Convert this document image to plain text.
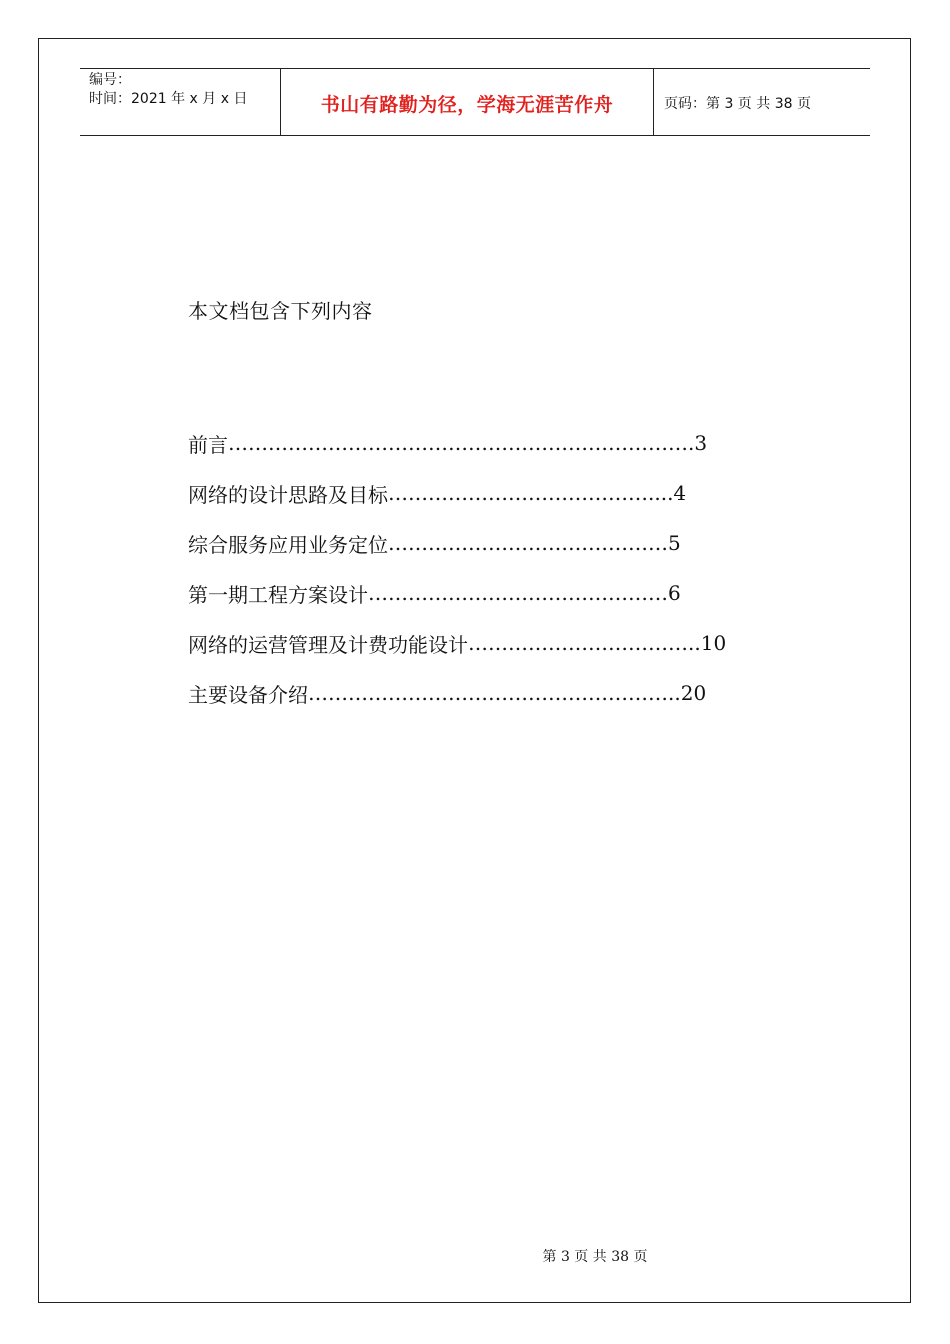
编号：
时间：2021 年 x 月 x 日	书山有路勤为径，学海无涯苦作舟	页码：第 3 页 共 38 页
本文档包含下列内容
前言 …………………………………………………………… .3
网络的设计思路及目标 ………………………………… ....4
综合服务应用业务定位 …………………………………… 5
第一期工程方案设计 ……………………………………… 6
网络的运营管理及计费功能设计 …………………………… ..10
主要设备介绍 ……………………………………………… ..20
第 3 页 共 38 页
